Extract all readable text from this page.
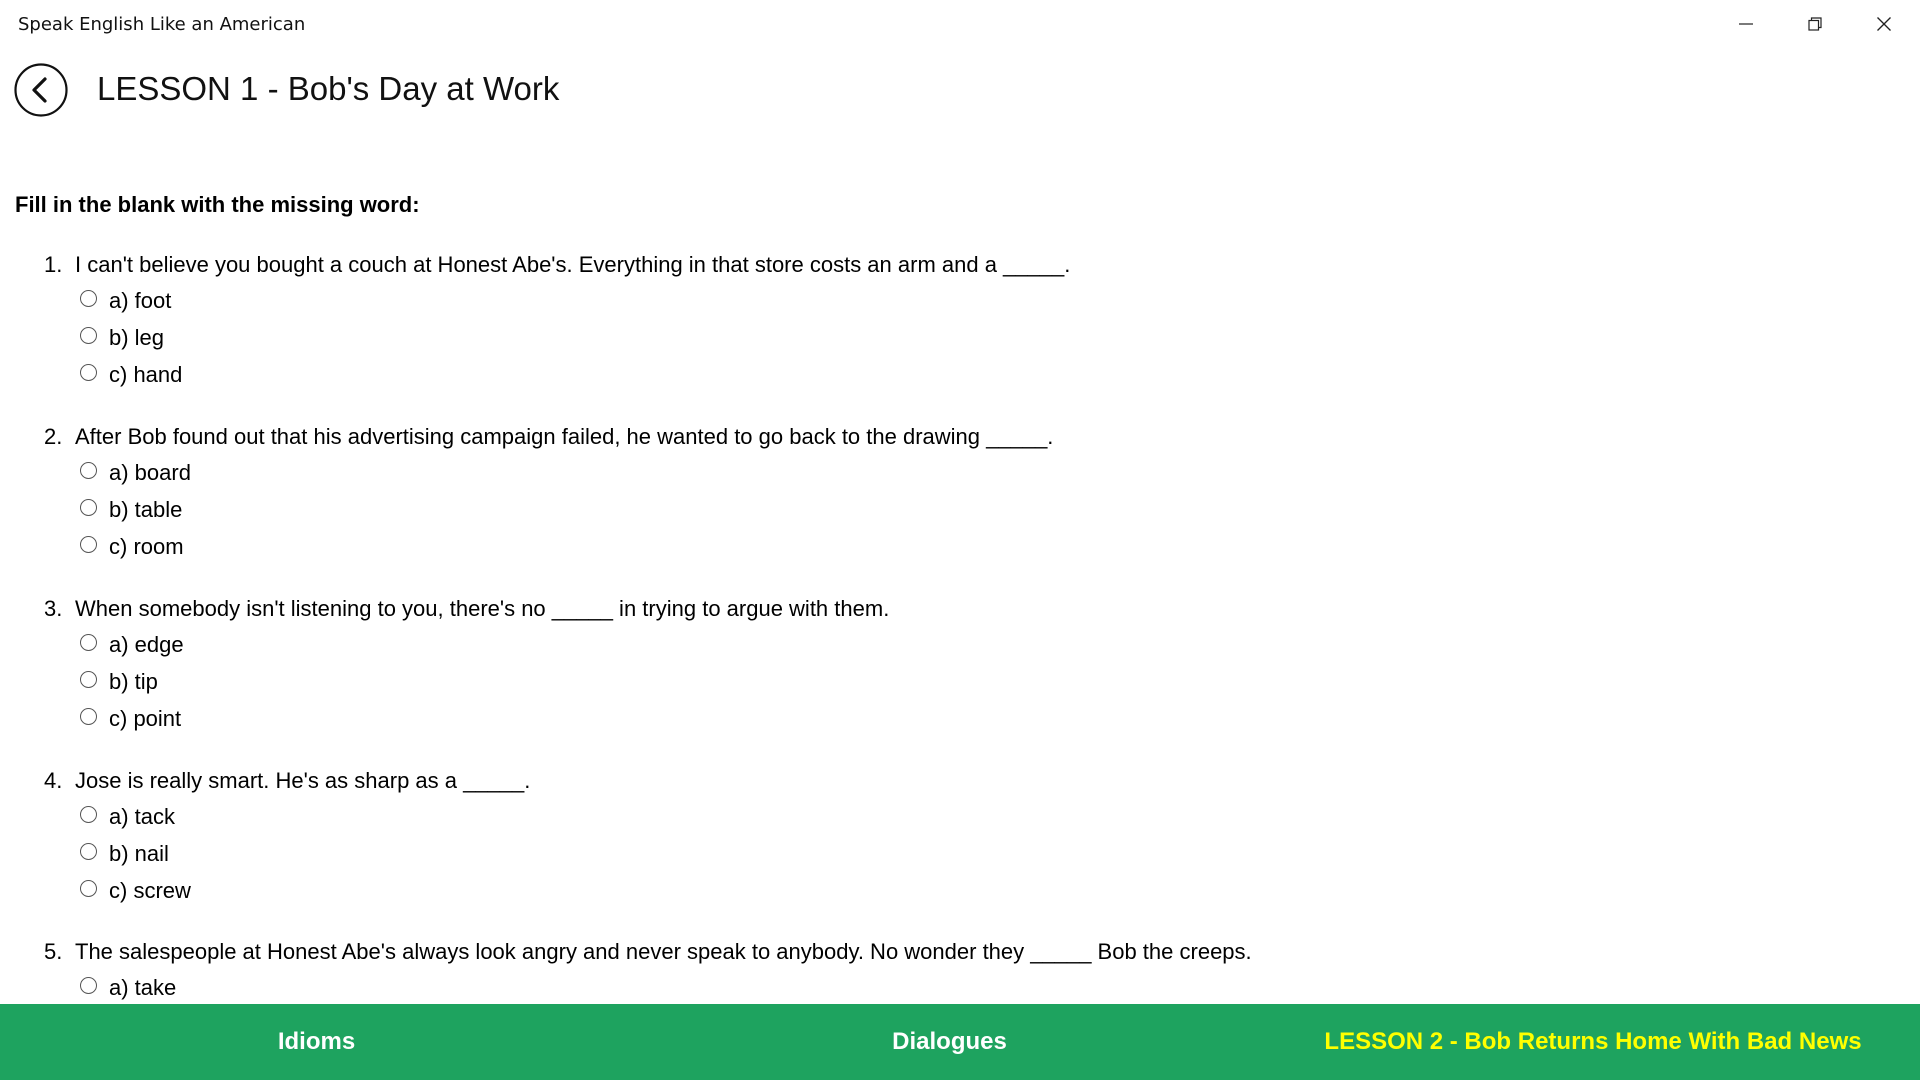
Speak English Like an American
LESSON 1 - Bob's Day at Work
Fill in the blank with the missing word:
1. I can't believe you bought a couch at Honest Abe's. Everything in that store costs an arm and a _____.
a) foot
b) leg
c) hand
2. After Bob found out that his advertising campaign failed, he wanted to go back to the drawing _____.
a) board
b) table
c) room
3. When somebody isn't listening to you, there's no _____ in trying to argue with them.
a) edge
b) tip
c) point
4. Jose is really smart. He's as sharp as a _____.
a) tack
b) nail
c) screw
5. The salespeople at Honest Abe's always look angry and never speak to anybody. No wonder they _____ Bob the creeps.
a) take
Idioms	Dialogues	LESSON 2 - Bob Returns Home With Bad News
